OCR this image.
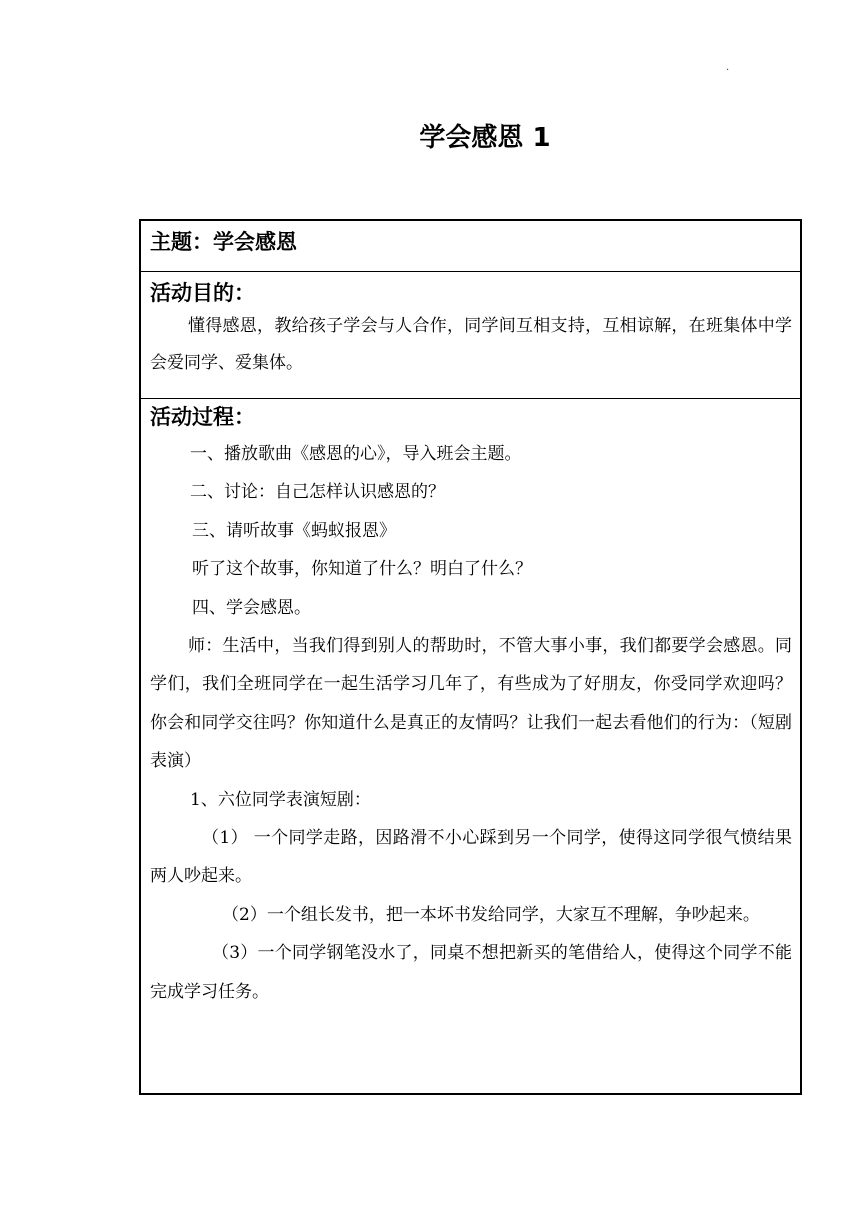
·
学会感恩 1

主题：学会感恩

活动目的：

懂得感恩，教给孩子学会与人合作，同学间互相支持，互相谅解，在班集体中学会爱同学、爱集体。

活动过程：

一、播放歌曲《感恩的心》，导入班会主题。

二、讨论：自己怎样认识感恩的？

三、请听故事《蚂蚁报恩》

听了这个故事，你知道了什么？明白了什么？

四、学会感恩。

师：生活中，当我们得到别人的帮助时，不管大事小事，我们都要学会感恩。同学们，我们全班同学在一起生活学习几年了，有些成为了好朋友，你受同学欢迎吗？你会和同学交往吗？你知道什么是真正的友情吗？让我们一起去看他们的行为：（短剧表演）

1、六位同学表演短剧：

（1） 一个同学走路，因路滑不小心踩到另一个同学，使得这同学很气愤结果两人吵起来。

（2）一个组长发书，把一本坏书发给同学，大家互不理解，争吵起来。

（3）一个同学钢笔没水了，同桌不想把新买的笔借给人，使得这个同学不能完成学习任务。
